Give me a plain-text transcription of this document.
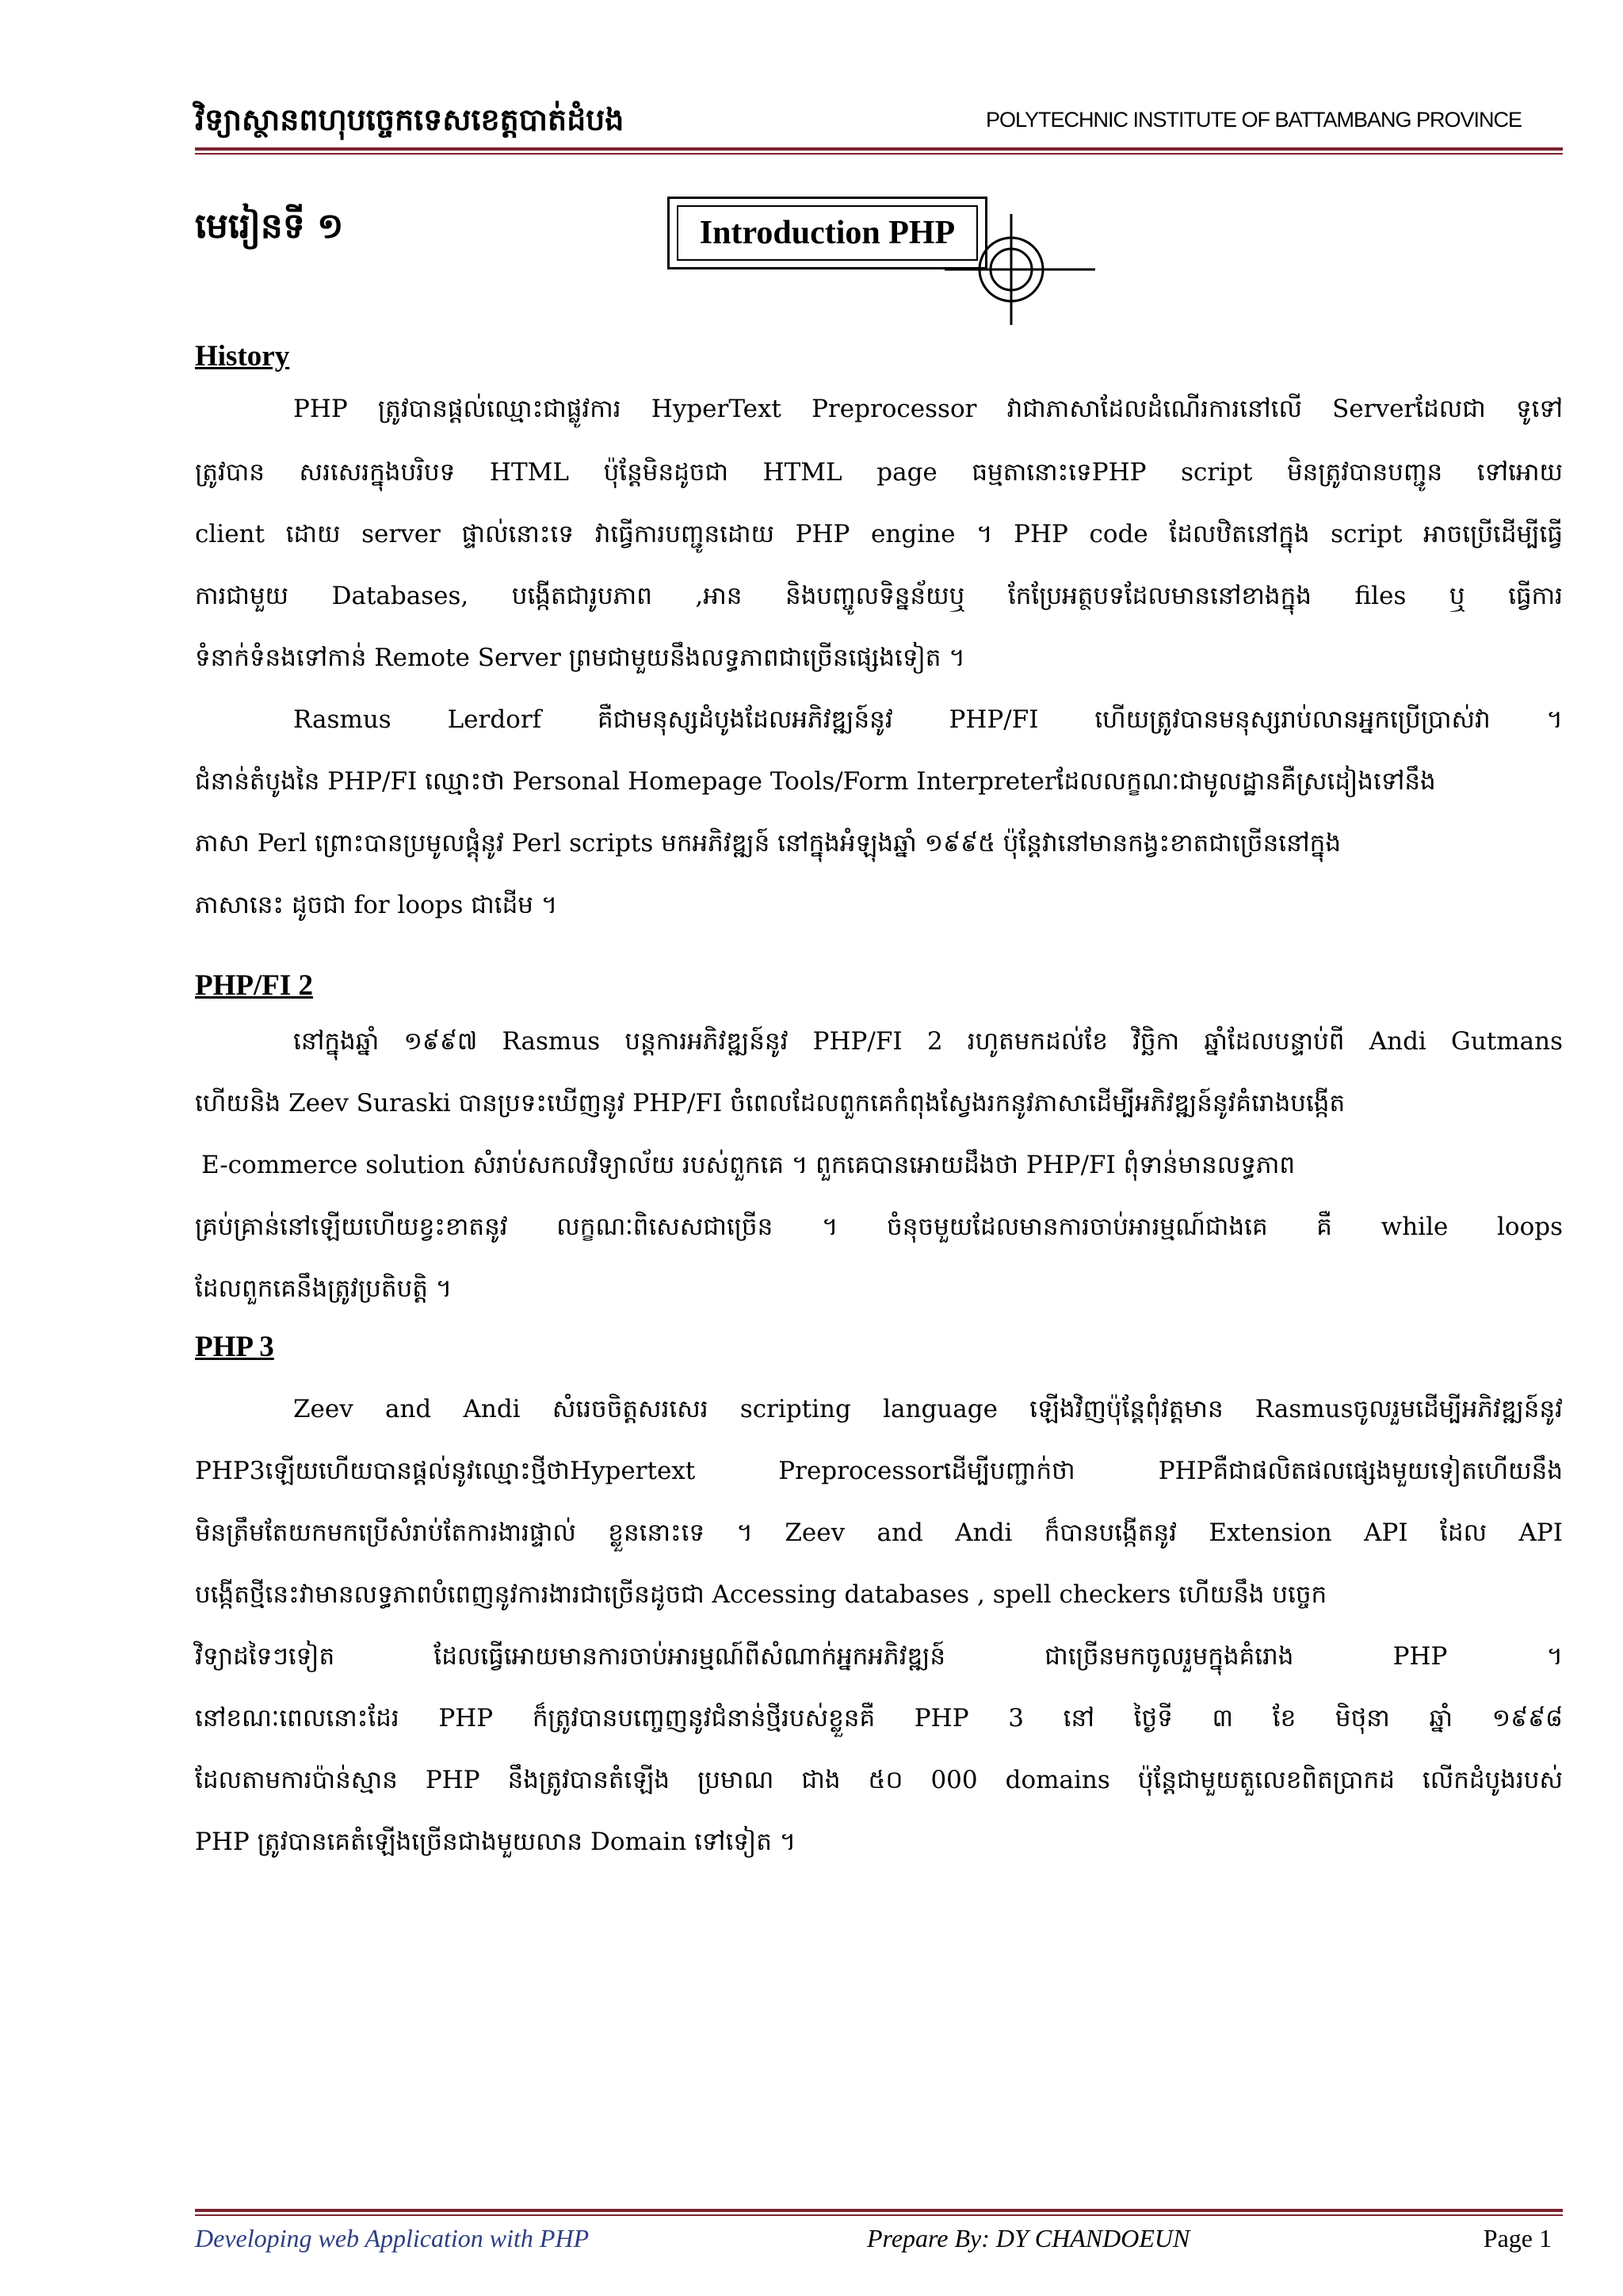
វិទ្យាស្ថានពហុបច្ចេកទេសខេត្តបាត់ដំបង	POLYTECHNIC INSTITUTE OF BATTAMBANG PROVINCE
មេរៀនទី ១	Introduction PHP
History
PHP ត្រូវបានផ្តល់ឈ្មោះជាផ្លូវការ HyperText Preprocessor វាជាភាសាដែលដំណើរការនៅលើ Serverដែលជា ទូទៅ
ត្រូវបាន សរសេរក្នុងបរិបទ HTML ប៉ុន្តែមិនដូចជា HTML page ធម្មតានោះទេPHP script មិនត្រូវបានបញ្ជូន ទៅអោយ
client ដោយ server ផ្ទាល់នោះទេ វាធ្វើការបញ្ជូនដោយ PHP engine ។ PHP code ដែលឋិតនៅក្នុង script អាចប្រើដើម្បីធ្វើ
ការជាមួយ Databases, បង្កើតជារូបភាព ,អាន និងបញ្ចូលទិន្នន័យឬ កែប្រែអត្ថបទដែលមាននៅខាងក្នុង files ឬ ធ្វើការ
ទំនាក់ទំនងទៅកាន់ Remote Server ព្រមជាមួយនឹងលទ្ធភាពជាច្រើនផ្សេងទៀត ។
Rasmus Lerdorf គឺជាមនុស្សដំបូងដែលអភិវឌ្ឍន៍នូវ PHP/FI ហើយត្រូវបានមនុស្សរាប់លានអ្នកប្រើប្រាស់វា ។
ជំនាន់តំបូងនៃ PHP/FI ឈ្មោះថា Personal Homepage Tools/Form Interpreterដែលលក្ខណៈជាមូលដ្ឋានគឺស្រដៀងទៅនឹង
ភាសា Perl ព្រោះបានប្រមូលផ្តុំនូវ Perl scripts មកអភិវឌ្ឍន៍ នៅក្នុងអំឡុងឆ្នាំ ១៩៩៥ ប៉ុន្តែវានៅមានកង្វះខាតជាច្រើននៅក្នុង
ភាសានេះ ដូចជា for loops ជាដើម ។
PHP/FI 2
នៅក្នុងឆ្នាំ ១៩៩៧ Rasmus បន្តការអភិវឌ្ឍន៍នូវ PHP/FI 2 រហូតមកដល់ខែ វិច្ឆិកា ឆ្នាំដែលបន្ទាប់ពី Andi Gutmans
ហើយនិង Zeev Suraski បានប្រទះឃើញនូវ PHP/FI ចំពេលដែលពួកគេកំពុងស្វែងរកនូវភាសាដើម្បីអភិវឌ្ឍន៍នូវគំរោងបង្កើត
E-commerce solution សំរាប់សកលវិទ្យាល័យ របស់ពួកគេ ។ ពួកគេបានអោយដឹងថា PHP/FI ពុំទាន់មានលទ្ធភាព
គ្រប់គ្រាន់នៅឡើយហើយខ្វះខាតនូវ លក្ខណៈពិសេសជាច្រើន ។ ចំនុចមួយដែលមានការចាប់អារម្មណ៍ជាងគេ គឺ while loops
ដែលពួកគេនឹងត្រូវប្រតិបត្តិ ។
PHP 3
Zeev and Andi សំរេចចិត្តសរសេរ scripting language ឡើងវិញប៉ុន្តែពុំវត្តមាន Rasmusចូលរួមដើម្បីអភិវឌ្ឍន៍នូវ
PHP3ឡើយហើយបានផ្តល់នូវឈ្មោះថ្មីថាHypertext Preprocessorដើម្បីបញ្ជាក់ថា PHPគឺជាផលិតផលផ្សេងមួយទៀតហើយនឹង
មិនត្រឹមតែយកមកប្រើសំរាប់តែការងារផ្ទាល់ ខ្លួននោះទេ ។ Zeev and Andi ក៏បានបង្កើតនូវ Extension API ដែល API
បង្កើតថ្មីនេះវាមានលទ្ធភាពបំពេញនូវការងារជាច្រើនដូចជា Accessing databases , spell checkers ហើយនឹង បច្ចេក
វិទ្យាដទៃៗទៀត ដែលធ្វើអោយមានការចាប់អារម្មណ៍ពីសំណាក់អ្នកអភិវឌ្ឍន៍ ជាច្រើនមកចូលរួមក្នុងគំរោង PHP ។
នៅខណៈពេលនោះដែរ PHP ក៏ត្រូវបានបញ្ចេញនូវជំនាន់ថ្មីរបស់ខ្លួនគឺ PHP 3 នៅ ថ្ងៃទី ៣ ខែ មិថុនា ឆ្នាំ ១៩៩៨
ដែលតាមការប៉ាន់ស្មាន PHP នឹងត្រូវបានតំឡើង ប្រមាណ ជាង ៥០ 000 domains ប៉ុន្តែជាមួយតួលេខពិតប្រាកដ លើកដំបូងរបស់
PHP ត្រូវបានគេតំឡើងច្រើនជាងមួយលាន Domain ទៅទៀត ។
Developing web Application with PHP	Prepare By: DY CHANDOEUN	Page 1
